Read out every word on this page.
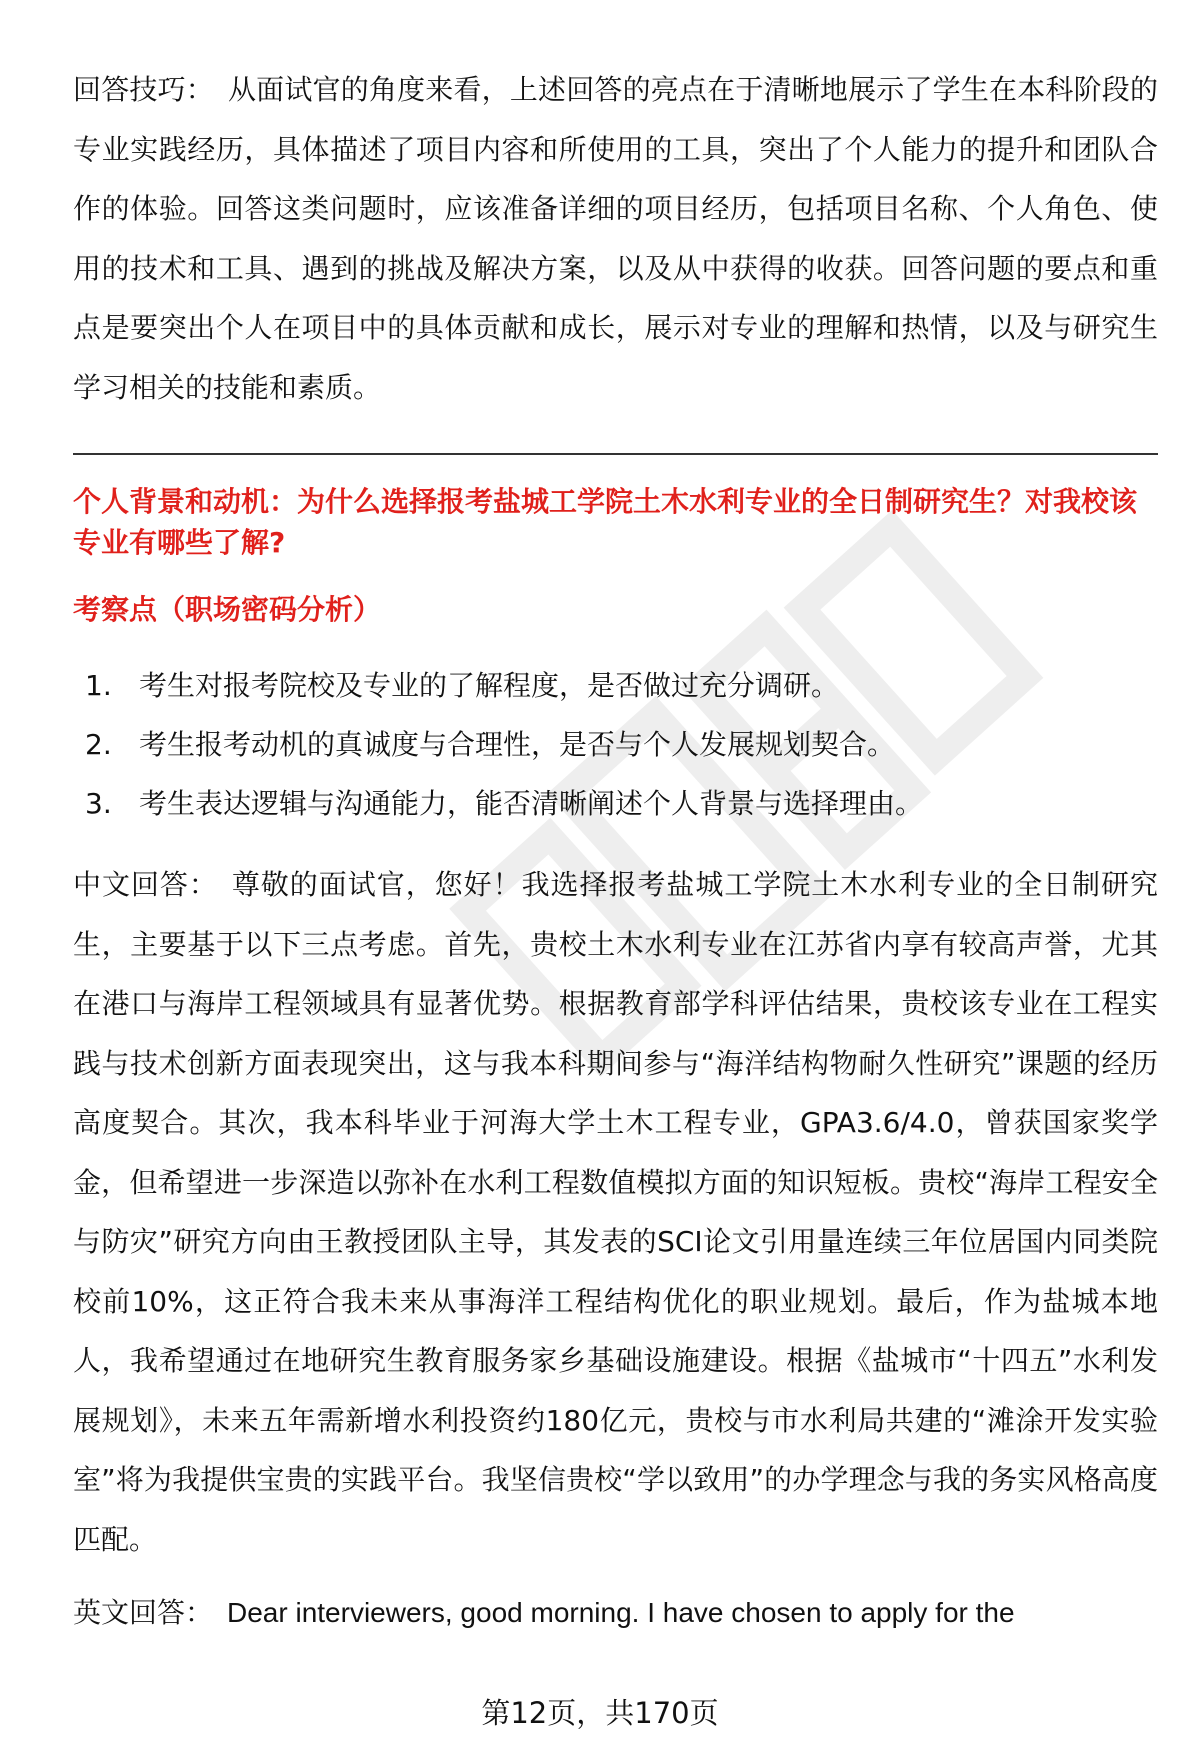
回答技巧： 从面试官的角度来看，上述回答的亮点在于清晰地展示了学生在本科阶段的专业实践经历，具体描述了项目内容和所使用的工具，突出了个人能力的提升和团队合作的体验。回答这类问题时，应该准备详细的项目经历，包括项目名称、个人角色、使用的技术和工具、遇到的挑战及解决方案，以及从中获得的收获。回答问题的要点和重点是要突出个人在项目中的具体贡献和成长，展示对专业的理解和热情，以及与研究生学习相关的技能和素质。

个人背景和动机：为什么选择报考盐城工学院土木水利专业的全日制研究生？对我校该专业有哪些了解?

考察点（职场密码分析）

1. 考生对报考院校及专业的了解程度，是否做过充分调研。
2. 考生报考动机的真诚度与合理性，是否与个人发展规划契合。
3. 考生表达逻辑与沟通能力，能否清晰阐述个人背景与选择理由。

中文回答： 尊敬的面试官，您好！我选择报考盐城工学院土木水利专业的全日制研究生，主要基于以下三点考虑。首先，贵校土木水利专业在江苏省内享有较高声誉，尤其在港口与海岸工程领域具有显著优势。根据教育部学科评估结果，贵校该专业在工程实践与技术创新方面表现突出，这与我本科期间参与“海洋结构物耐久性研究”课题的经历高度契合。其次，我本科毕业于河海大学土木工程专业，GPA3.6/4.0，曾获国家奖学金，但希望进一步深造以弥补在水利工程数值模拟方面的知识短板。贵校“海岸工程安全与防灾”研究方向由王教授团队主导，其发表的SCI论文引用量连续三年位居国内同类院校前10%，这正符合我未来从事海洋工程结构优化的职业规划。最后，作为盐城本地人，我希望通过在地研究生教育服务家乡基础设施建设。根据《盐城市“十四五”水利发展规划》，未来五年需新增水利投资约180亿元，贵校与市水利局共建的“滩涂开发实验室”将为我提供宝贵的实践平台。我坚信贵校“学以致用”的办学理念与我的务实风格高度匹配。

英文回答： Dear interviewers, good morning. I have chosen to apply for the

第12页，共170页
